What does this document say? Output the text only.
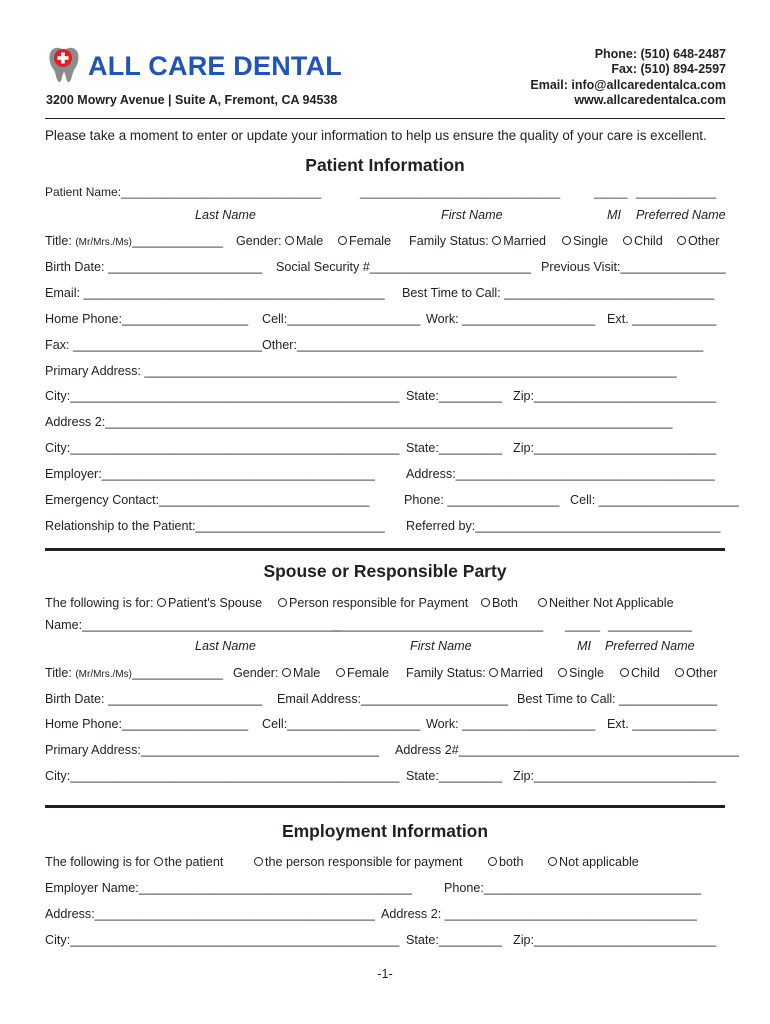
ALL CARE DENTAL
3200 Mowry Avenue | Suite A, Fremont, CA 94538
Phone: (510) 648-2487
Fax: (510) 894-2597
Email: info@allcaredentalca.com
www.allcaredentalca.com
Please take a moment to enter or update your information to help us ensure the quality of your care is excellent.
Patient Information
Patient Name:______________________________	______________________________	_____ ____________
Last Name	First Name	MI Preferred Name
Title: (Mr/Mrs./Ms)_____________ Gender: Male	Female Family Status: Married	Single	Child	Other
Birth Date: ______________________ Social Security #_______________________ Previous Visit:_______________
Email: ___________________________________________ Best Time to Call: ______________________________
Home Phone:__________________ Cell:___________________ Work: ___________________ Ext. ____________
Fax: ___________________________ Other:__________________________________________________________
Primary Address: ____________________________________________________________________________
City:_______________________________________________ State:_________ Zip:__________________________
Address 2:_________________________________________________________________________________
City:_______________________________________________ State:_________ Zip:__________________________
Employer:_______________________________________ Address:_____________________________________
Emergency Contact:______________________________	Phone: ________________ Cell: ____________________
Relationship to the Patient:___________________________ Referred by:___________________________________
Spouse or Responsible Party
The following is for: Patient's Spouse	Person responsible for Payment	Both	Neither Not Applicable
Name:_____________________________________
______________________________ _____ ____________
Last Name	First Name	MI Preferred Name
Title: (Mr/Mrs./Ms)_____________ Gender: Male	Female Family Status: Married	Single	Child	Other
Birth Date: ______________________ Email Address:_____________________ Best Time to Call: ______________
Home Phone:__________________ Cell:___________________ Work: ___________________ Ext. ____________
Primary Address:__________________________________ Address 2#________________________________________
City:_______________________________________________ State:_________ Zip:__________________________
Employment Information
The following is for the patient	the person responsible for payment	both	Not applicable
Employer Name:_______________________________________	Phone:_______________________________
Address:________________________________________ Address 2: ____________________________________
City:_______________________________________________ State:_________ Zip:__________________________
-1-
